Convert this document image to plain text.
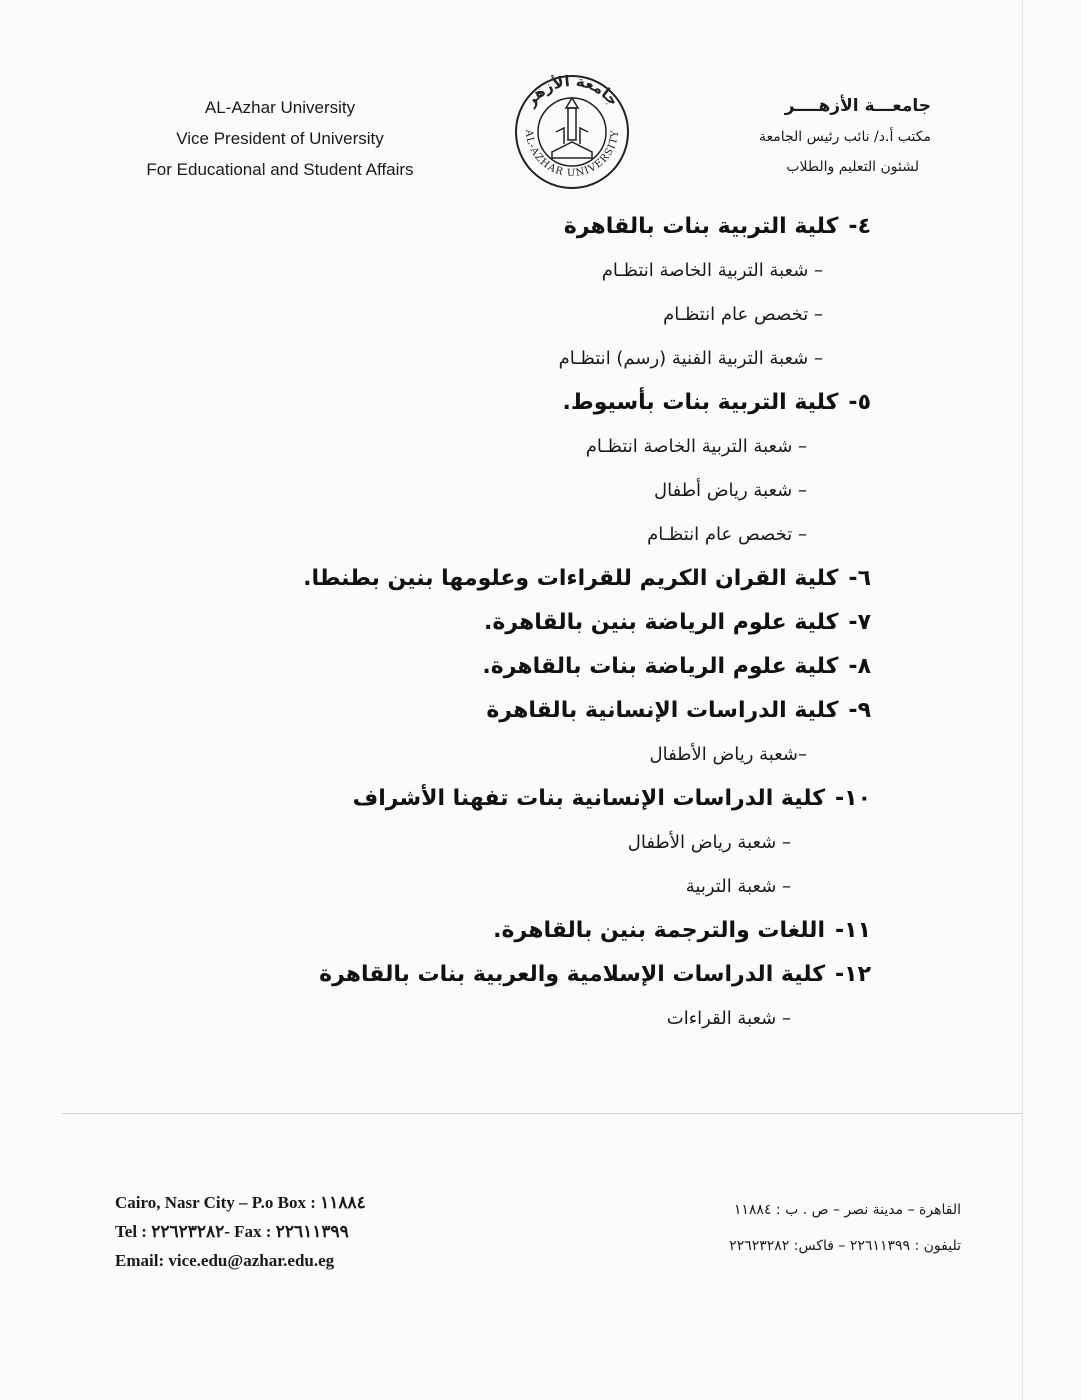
AL-Azhar University
Vice President of University
For Educational and Student Affairs
جامعة الأزهر
AL-AZHAR UNIVERSITY
جامعـــة الأزهــــر
مكتب أ.د/ نائب رئيس الجامعة
لشئون التعليم والطلاب
٤-كلية التربية بنات بالقاهرة
– شعبة التربية الخاصة انتظـام
– تخصص عام انتظـام
– شعبة التربية الفنية (رسم) انتظـام
٥-كلية التربية بنات بأسيوط.
– شعبة التربية الخاصة انتظـام
– شعبة رياض أطفال
– تخصص عام انتظـام
٦-كلية القران الكريم للقراءات وعلومها بنين بطنطا.
٧-كلية علوم الرياضة بنين بالقاهرة.
٨-كلية علوم الرياضة بنات بالقاهرة.
٩-كلية الدراسات الإنسانية بالقاهرة
–شعبة رياض الأطفال
١٠-كلية الدراسات الإنسانية بنات تفهنا الأشراف
– شعبة رياض الأطفال
– شعبة التربية
١١-اللغات والترجمة بنين بالقاهرة.
١٢-كلية الدراسات الإسلامية والعربية بنات بالقاهرة
– شعبة القراءات
Cairo, Nasr City – P.o Box : ١١٨٨٤
Tel : ٢٢٦٢٣٢٨٢- Fax : ٢٢٦١١٣٩٩
Email: vice.edu@azhar.edu.eg
القاهرة – مدينة نصر – ص . ب : ١١٨٨٤
تليفون : ٢٢٦١١٣٩٩ – فاكس: ٢٢٦٢٣٢٨٢
